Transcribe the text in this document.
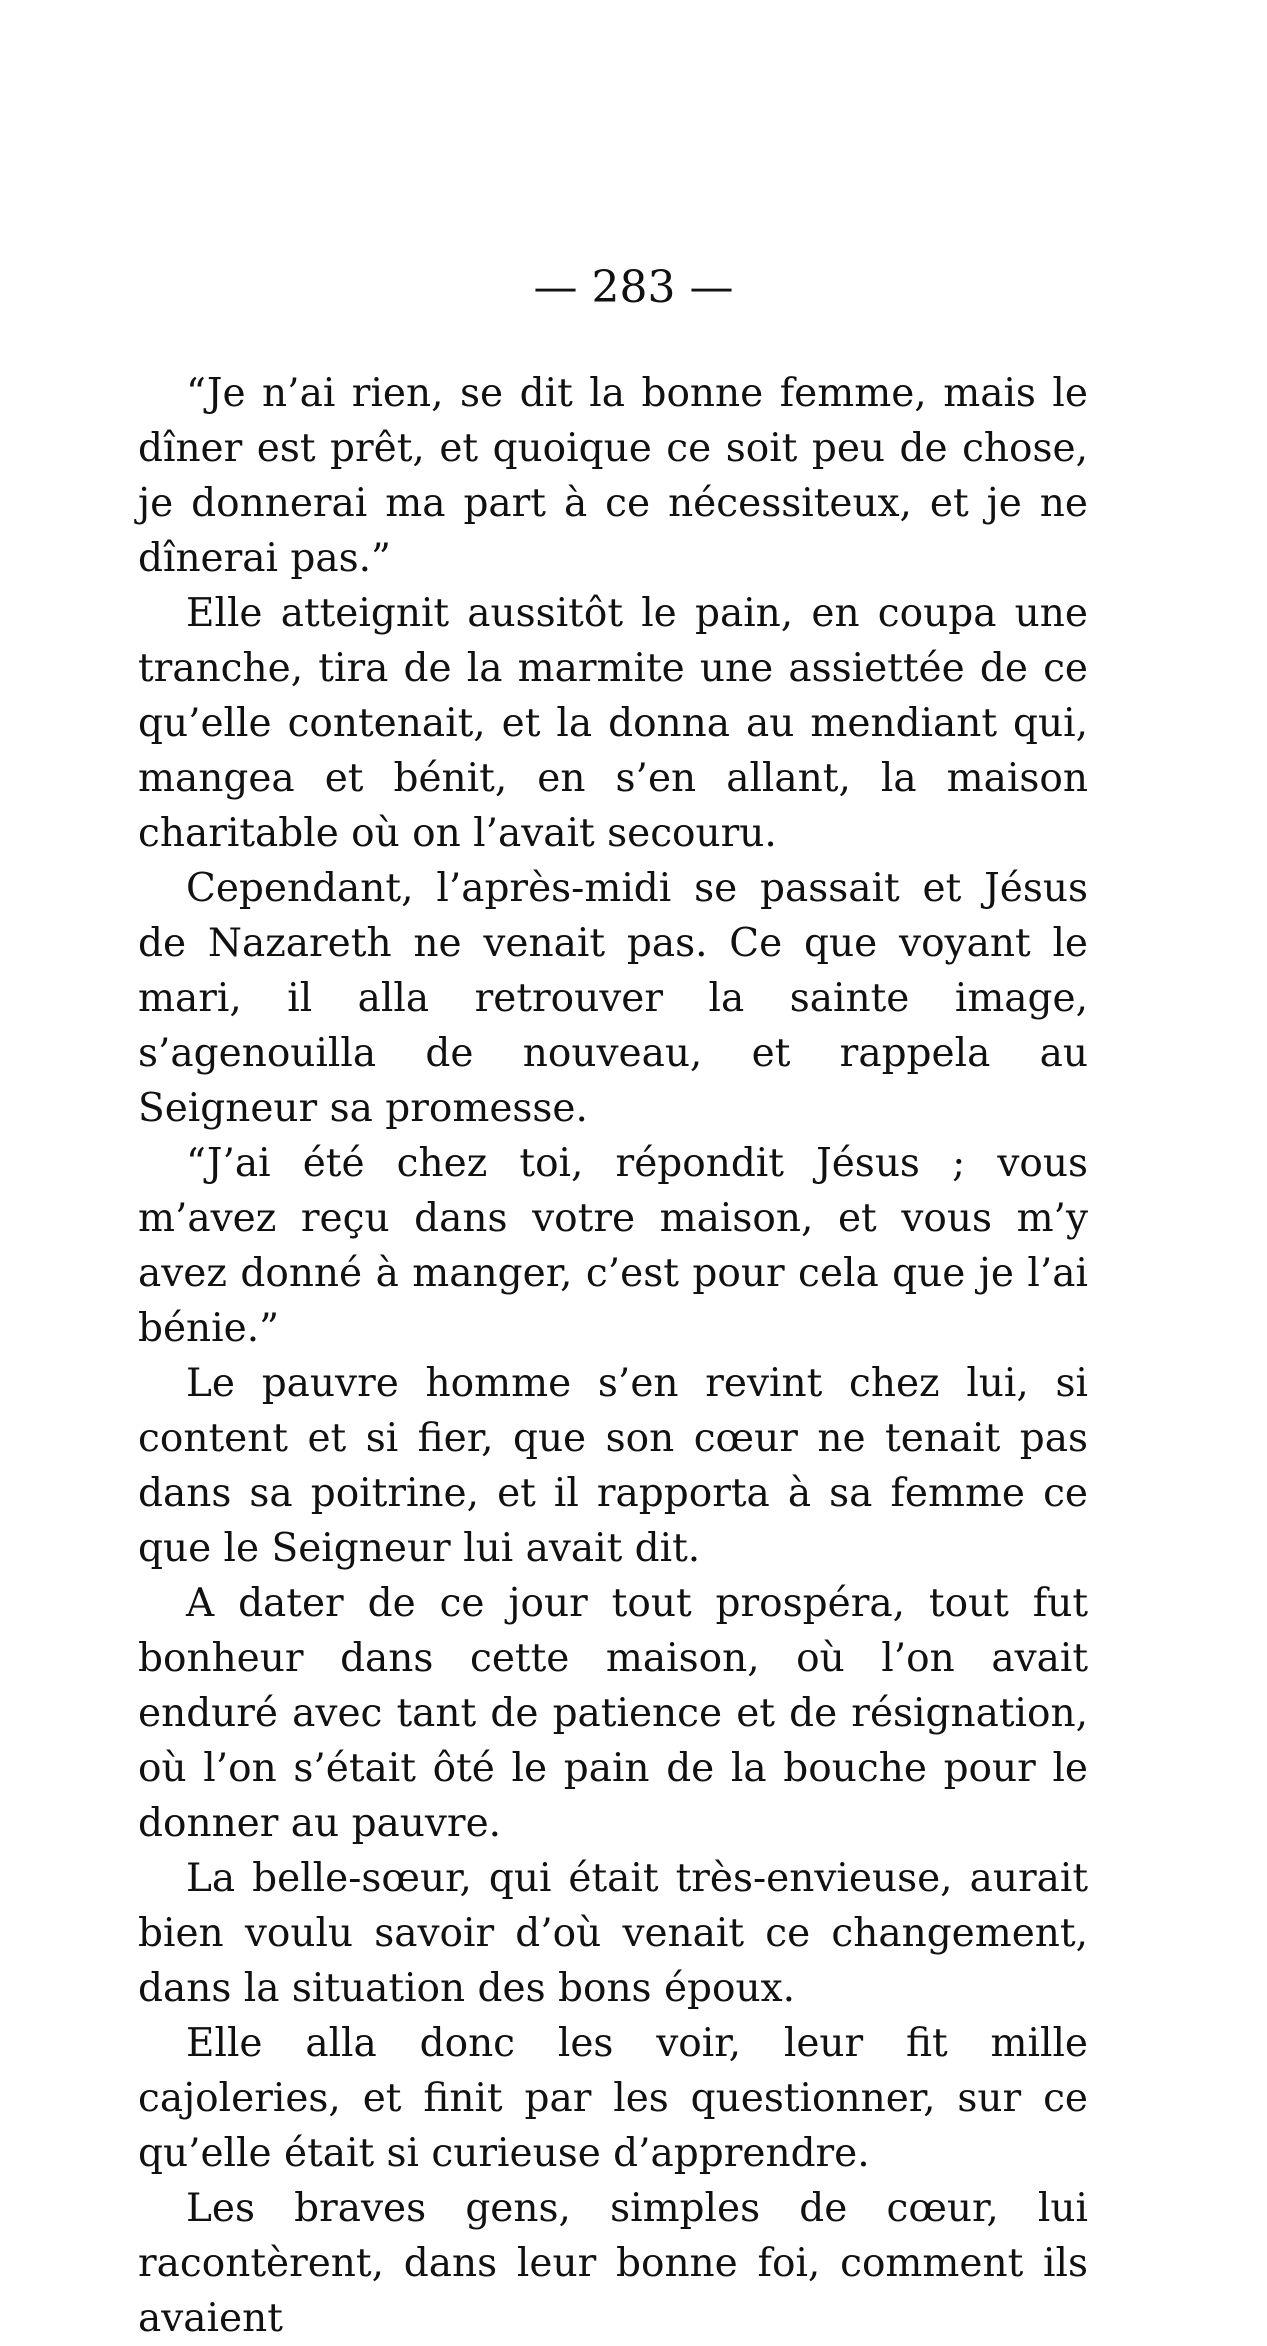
— 283 —

“Je n’ai rien, se dit la bonne femme, mais le dîner est prêt, et quoique ce soit peu de chose, je donnerai ma part à ce nécessiteux, et je ne dînerai pas.”

Elle atteignit aussitôt le pain, en coupa une tranche, tira de la marmite une assiettée de ce qu’elle contenait, et la donna au mendiant qui, mangea et bénit, en s’en allant, la maison charitable où on l’avait secouru.

Cependant, l’après-midi se passait et Jésus de Nazareth ne venait pas. Ce que voyant le mari, il alla retrouver la sainte image, s’agenouilla de nouveau, et rappela au Seigneur sa promesse.

“J’ai été chez toi, répondit Jésus ; vous m’avez reçu dans votre maison, et vous m’y avez donné à manger, c’est pour cela que je l’ai bénie.”

Le pauvre homme s’en revint chez lui, si content et si fier, que son cœur ne tenait pas dans sa poitrine, et il rapporta à sa femme ce que le Seigneur lui avait dit.

A dater de ce jour tout prospéra, tout fut bonheur dans cette maison, où l’on avait enduré avec tant de patience et de résignation, où l’on s’était ôté le pain de la bouche pour le donner au pauvre.

La belle-sœur, qui était très-envieuse, aurait bien voulu savoir d’où venait ce changement, dans la situation des bons époux.

Elle alla donc les voir, leur fit mille cajoleries, et finit par les questionner, sur ce qu’elle était si curieuse d’apprendre.

Les braves gens, simples de cœur, lui racontèrent, dans leur bonne foi, comment ils avaient
